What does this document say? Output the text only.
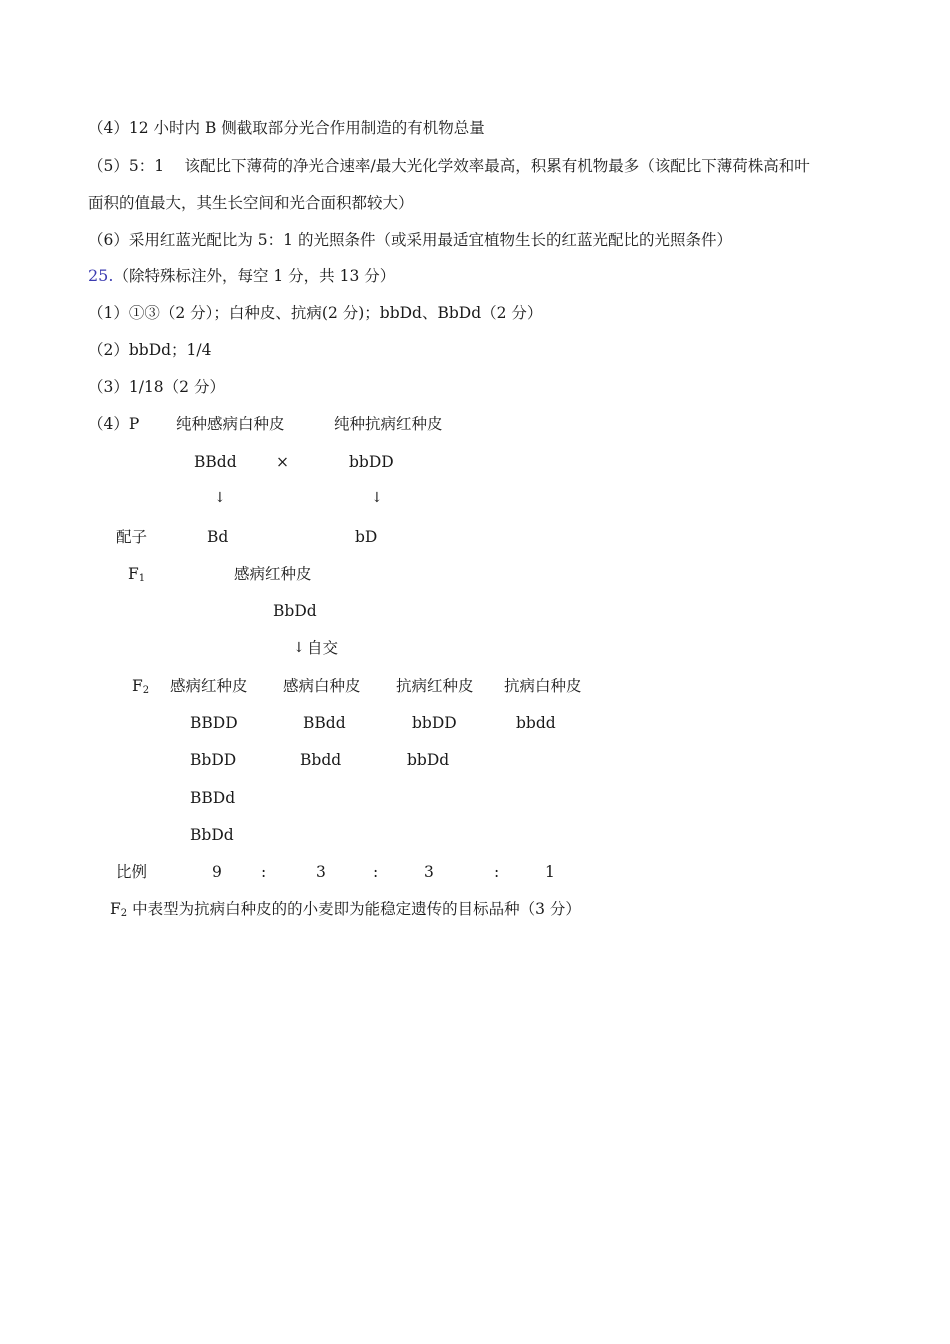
（4）12 小时内 B 侧截取部分光合作用制造的有机物总量
（5）5：1　 该配比下薄荷的净光合速率/最大光化学效率最高，积累有机物最多（该配比下薄荷株高和叶
面积的值最大，其生长空间和光合面积都较大）
（6）采用红蓝光配比为 5：1 的光照条件（或采用最适宜植物生长的红蓝光配比的光照条件）
25.（除特殊标注外，每空 1 分，共 13 分）
（1）①③（2 分）；白种皮、抗病(2 分)；bbDd、BbDd（2 分）
（2）bbDd；1/4
（3）1/18（2 分）
（4）P 纯种感病白种皮	纯种抗病红种皮
BBdd	×	bbDD
↓	↓
配子	Bd	bD
$F_1$	感病红种皮
BbDd
↓ 自交
$F_2$ 感病红种皮 感病白种皮 抗病红种皮 抗病白种皮
BBDD	BBdd	bbDD	bbdd
BbDD	Bbdd	bbDd
BBDd
BbDd
比例	9	:	3	:	3	:	1
$F_2$ 中表型为抗病白种皮的的小麦即为能稳定遗传的目标品种（3 分）
